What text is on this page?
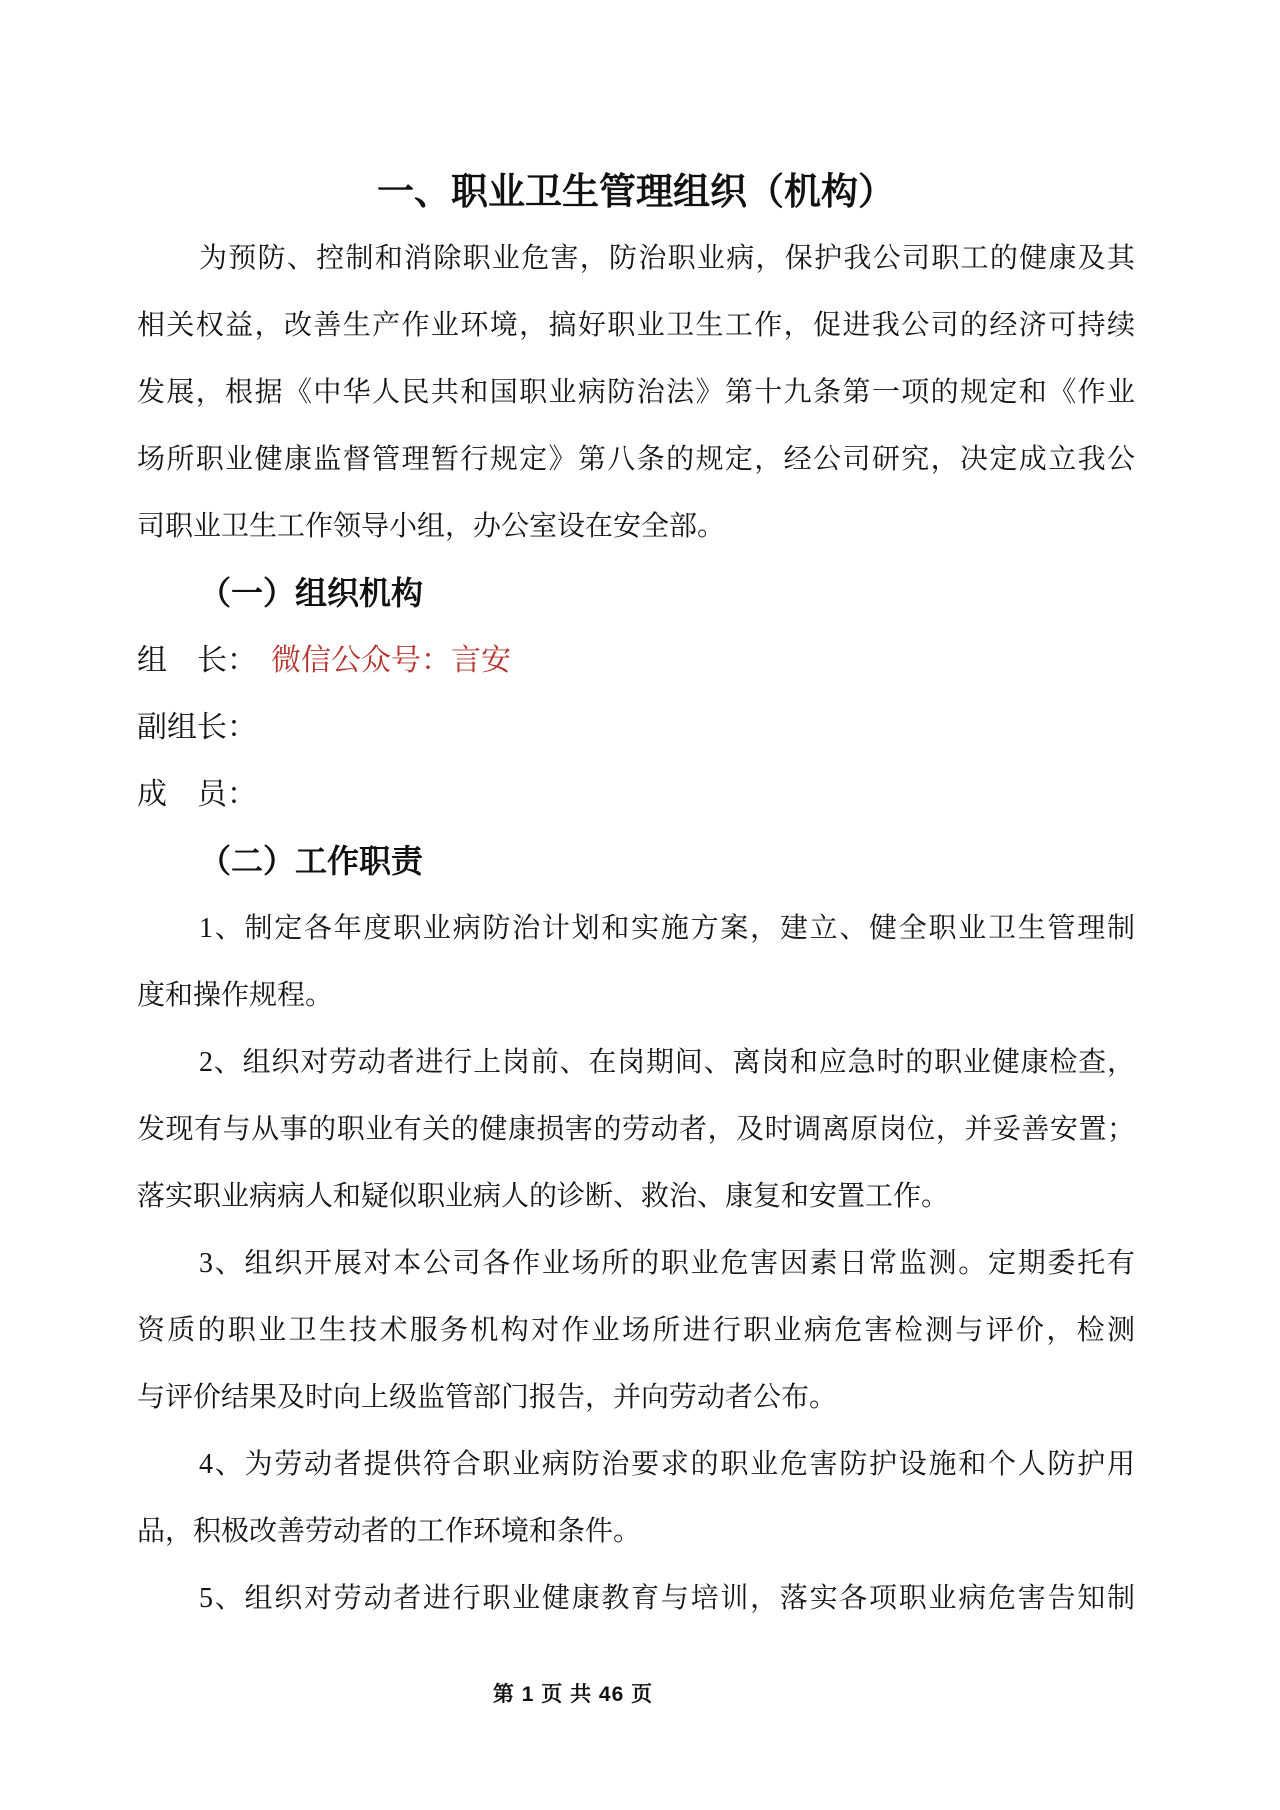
一、职业卫生管理组织（机构）
为预防、控制和消除职业危害，防治职业病，保护我公司职工的健康及其
相关权益，改善生产作业环境，搞好职业卫生工作，促进我公司的经济可持续
发展，根据《中华人民共和国职业病防治法》第十九条第一项的规定和《作业
场所职业健康监督管理暂行规定》第八条的规定，经公司研究，决定成立我公
司职业卫生工作领导小组，办公室设在安全部。
（一）组织机构
组　长： 微信公众号：言安
副组长：
成　员：
（二）工作职责
1、制定各年度职业病防治计划和实施方案，建立、健全职业卫生管理制
度和操作规程。
2、组织对劳动者进行上岗前、在岗期间、离岗和应急时的职业健康检查，
发现有与从事的职业有关的健康损害的劳动者，及时调离原岗位，并妥善安置；
落实职业病病人和疑似职业病人的诊断、救治、康复和安置工作。
3、组织开展对本公司各作业场所的职业危害因素日常监测。定期委托有
资质的职业卫生技术服务机构对作业场所进行职业病危害检测与评价，检测
与评价结果及时向上级监管部门报告，并向劳动者公布。
4、为劳动者提供符合职业病防治要求的职业危害防护设施和个人防护用
品，积极改善劳动者的工作环境和条件。
5、组织对劳动者进行职业健康教育与培训，落实各项职业病危害告知制
第 1 页 共 46 页
